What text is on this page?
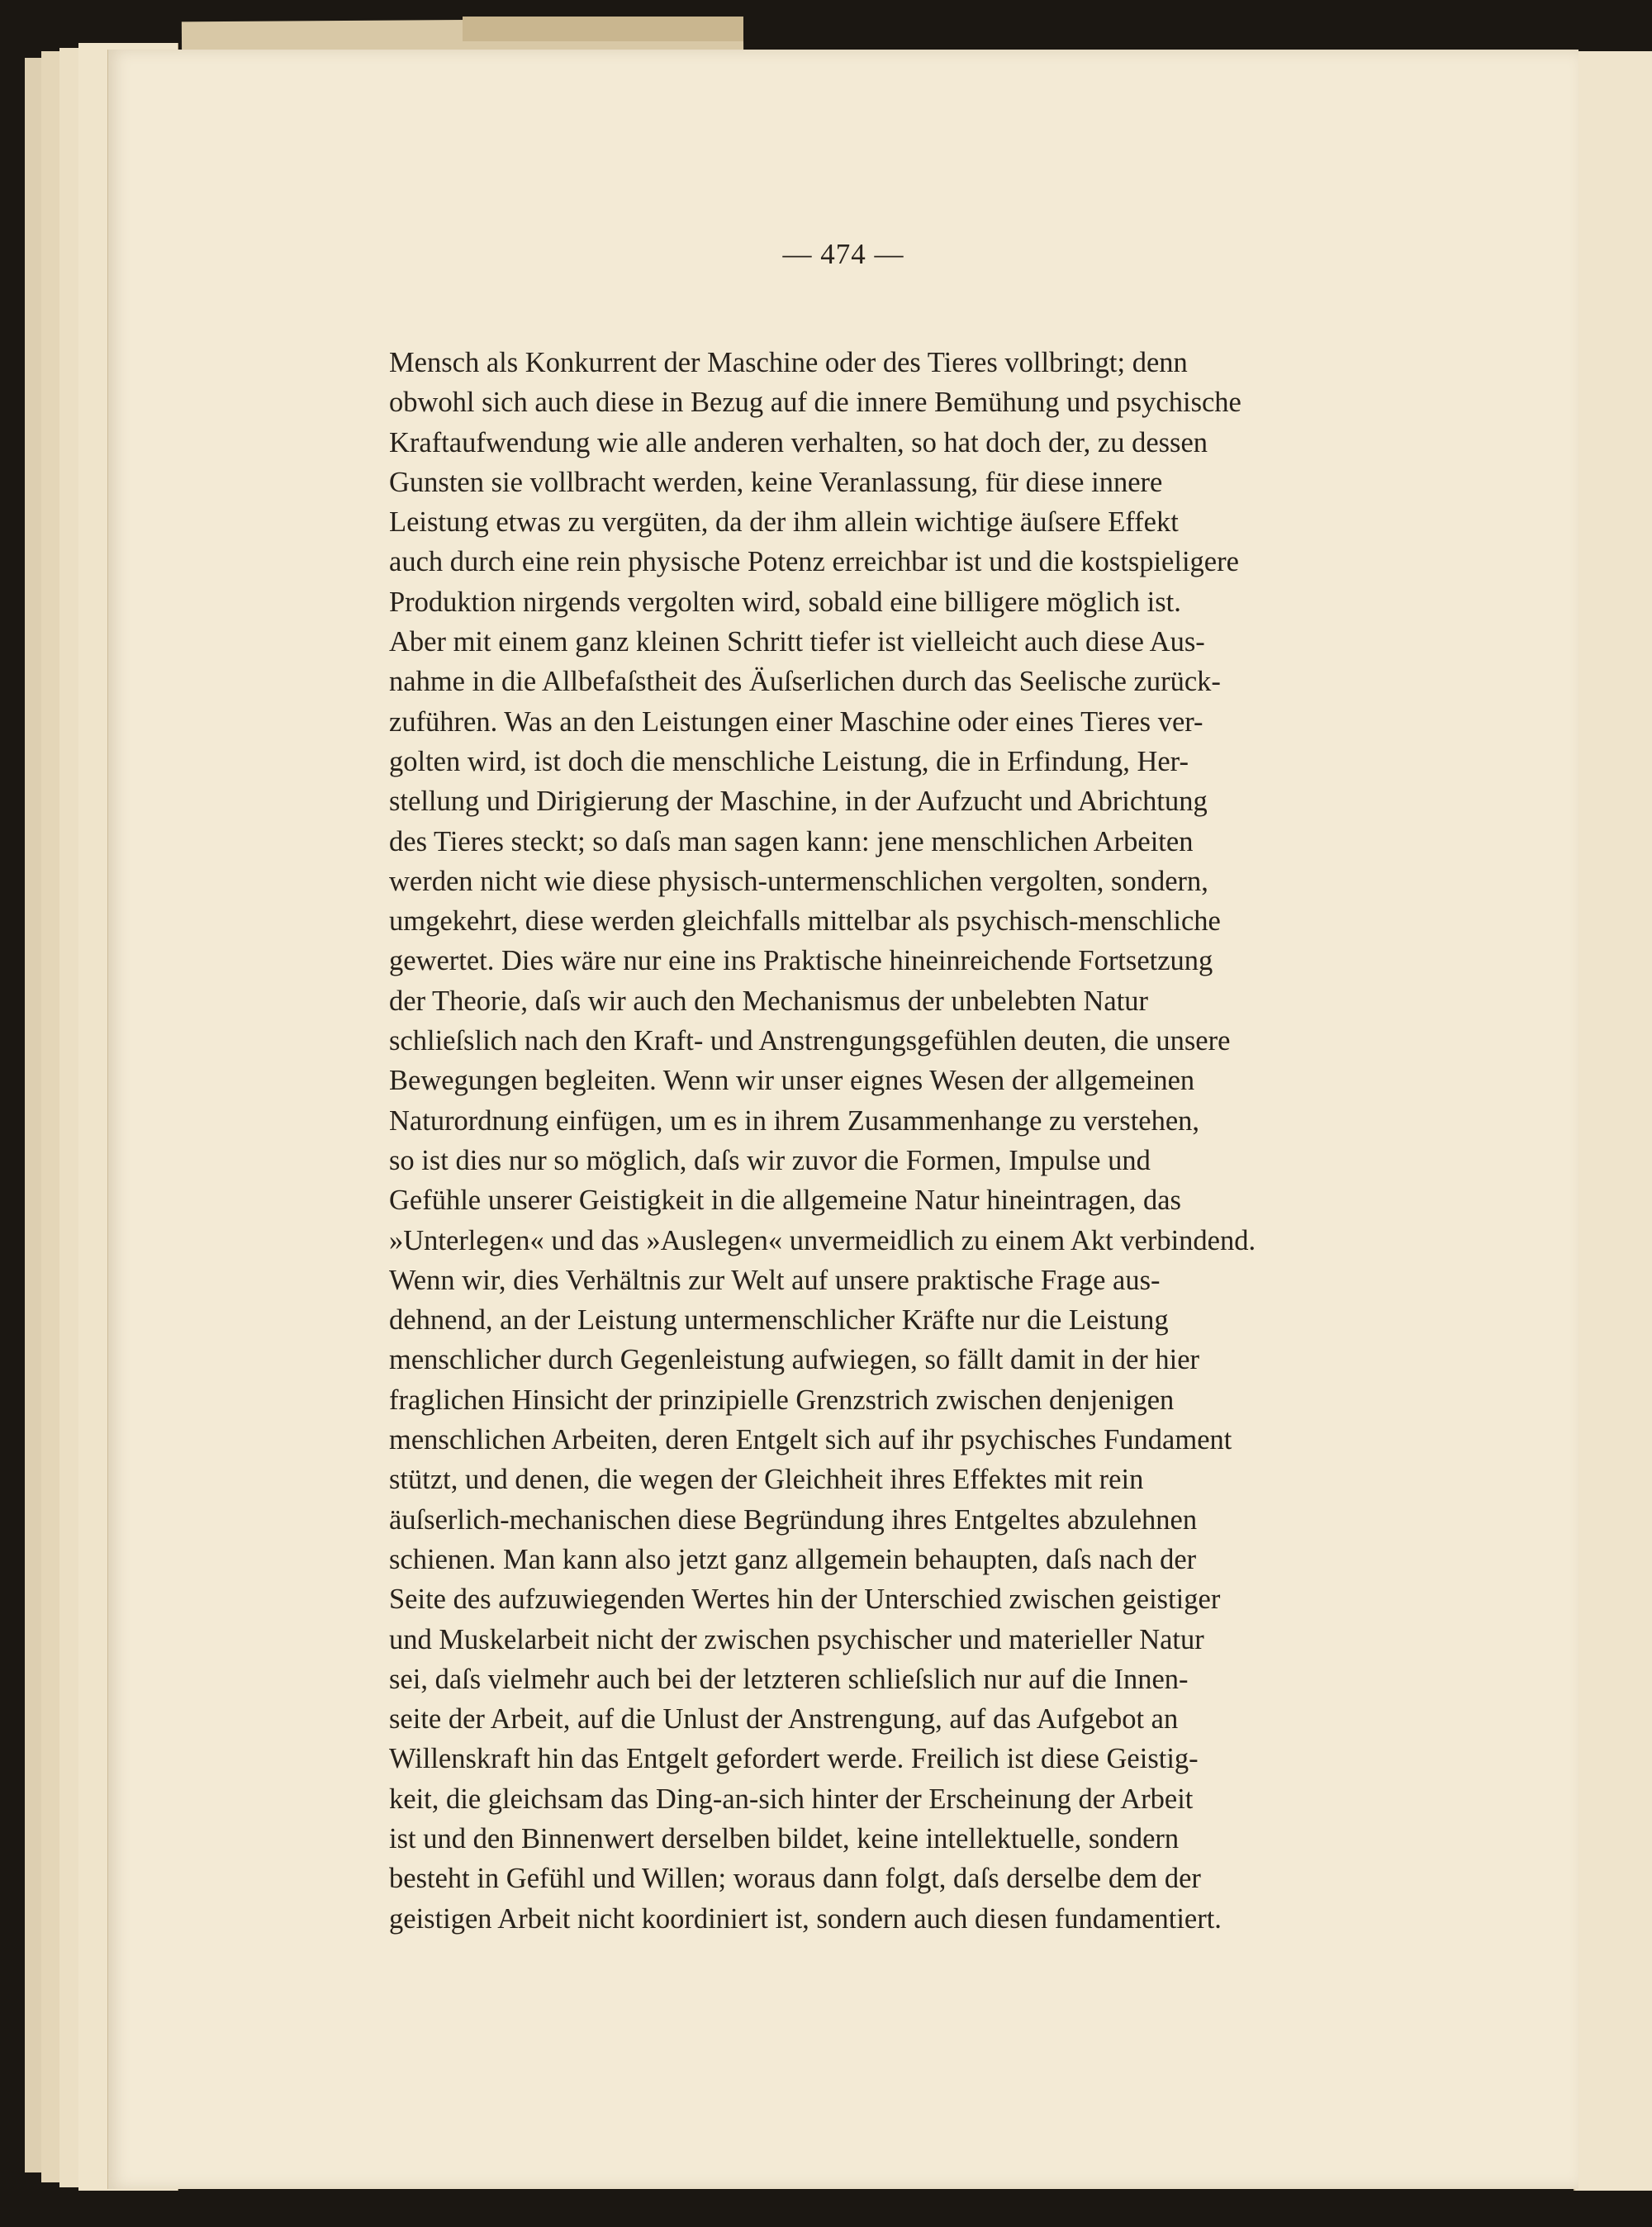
— 474 —
Mensch als Konkurrent der Maschine oder des Tieres vollbringt; denn
obwohl sich auch diese in Bezug auf die innere Bemühung und psychische
Kraftaufwendung wie alle anderen verhalten, so hat doch der, zu dessen
Gunsten sie vollbracht werden, keine Veranlassung, für diese innere
Leistung etwas zu vergüten, da der ihm allein wichtige äuſsere Effekt
auch durch eine rein physische Potenz erreichbar ist und die kostspieligere
Produktion nirgends vergolten wird, sobald eine billigere möglich ist.
Aber mit einem ganz kleinen Schritt tiefer ist vielleicht auch diese Aus-
nahme in die Allbefaſstheit des Äuſserlichen durch das Seelische zurück-
zuführen. Was an den Leistungen einer Maschine oder eines Tieres ver-
golten wird, ist doch die menschliche Leistung, die in Erfindung, Her-
stellung und Dirigierung der Maschine, in der Aufzucht und Abrichtung
des Tieres steckt; so daſs man sagen kann: jene menschlichen Arbeiten
werden nicht wie diese physisch-untermenschlichen vergolten, sondern,
umgekehrt, diese werden gleichfalls mittelbar als psychisch-menschliche
gewertet. Dies wäre nur eine ins Praktische hineinreichende Fortsetzung
der Theorie, daſs wir auch den Mechanismus der unbelebten Natur
schlieſslich nach den Kraft- und Anstrengungsgefühlen deuten, die unsere
Bewegungen begleiten. Wenn wir unser eignes Wesen der allgemeinen
Naturordnung einfügen, um es in ihrem Zusammenhange zu verstehen,
so ist dies nur so möglich, daſs wir zuvor die Formen, Impulse und
Gefühle unserer Geistigkeit in die allgemeine Natur hineintragen, das
»Unterlegen« und das »Auslegen« unvermeidlich zu einem Akt verbindend.
Wenn wir, dies Verhältnis zur Welt auf unsere praktische Frage aus-
dehnend, an der Leistung untermenschlicher Kräfte nur die Leistung
menschlicher durch Gegenleistung aufwiegen, so fällt damit in der hier
fraglichen Hinsicht der prinzipielle Grenzstrich zwischen denjenigen
menschlichen Arbeiten, deren Entgelt sich auf ihr psychisches Fundament
stützt, und denen, die wegen der Gleichheit ihres Effektes mit rein
äuſserlich-mechanischen diese Begründung ihres Entgeltes abzulehnen
schienen. Man kann also jetzt ganz allgemein behaupten, daſs nach der
Seite des aufzuwiegenden Wertes hin der Unterschied zwischen geistiger
und Muskelarbeit nicht der zwischen psychischer und materieller Natur
sei, daſs vielmehr auch bei der letzteren schlieſslich nur auf die Innen-
seite der Arbeit, auf die Unlust der Anstrengung, auf das Aufgebot an
Willenskraft hin das Entgelt gefordert werde. Freilich ist diese Geistig-
keit, die gleichsam das Ding-an-sich hinter der Erscheinung der Arbeit
ist und den Binnenwert derselben bildet, keine intellektuelle, sondern
besteht in Gefühl und Willen; woraus dann folgt, daſs derselbe dem der
geistigen Arbeit nicht koordiniert ist, sondern auch diesen fundamentiert.
